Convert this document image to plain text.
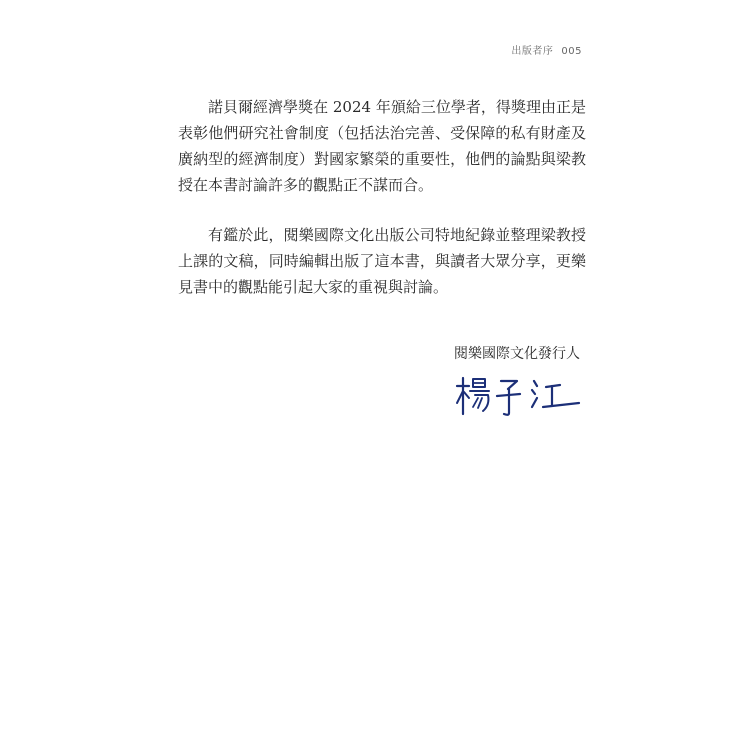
出版者序 005

諾貝爾經濟學獎在 2024 年頒給三位學者，得獎理由正是表彰他們研究社會制度（包括法治完善、受保障的私有財產及廣納型的經濟制度）對國家繁榮的重要性，他們的論點與梁教授在本書討論許多的觀點正不謀而合。

有鑑於此，閱樂國際文化出版公司特地紀錄並整理梁教授上課的文稿，同時編輯出版了這本書，與讀者大眾分享，更樂見書中的觀點能引起大家的重視與討論。

閱樂國際文化發行人
